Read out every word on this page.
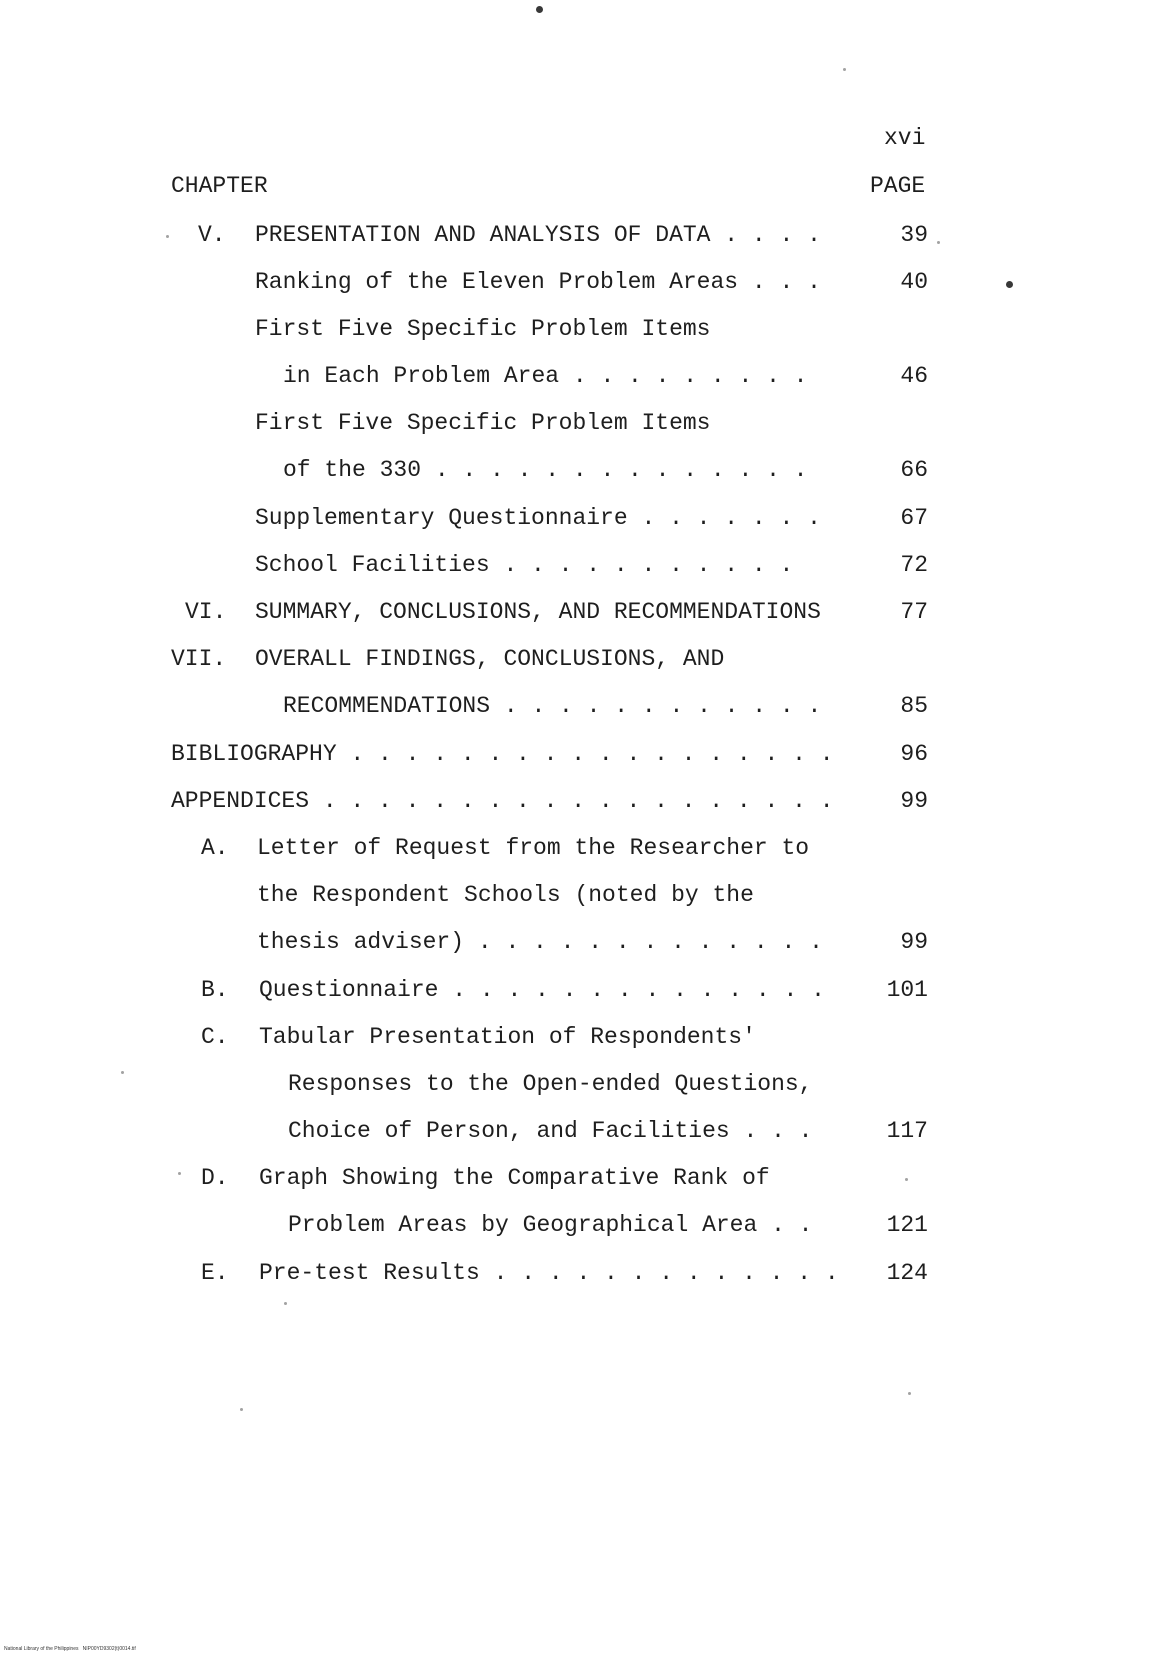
xvi
CHAPTER	PAGE
V. PRESENTATION AND ANALYSIS OF DATA . . . .	39
Ranking of the Eleven Problem Areas . . .	40
First Five Specific Problem Items
in Each Problem Area . . . . . . . . .	46
First Five Specific Problem Items
of the 330 . . . . . . . . . . . . . .	66
Supplementary Questionnaire . . . . . . .	67
School Facilities . . . . . . . . . . .	72
VI. SUMMARY, CONCLUSIONS, AND RECOMMENDATIONS	77
VII. OVERALL FINDINGS, CONCLUSIONS, AND
RECOMMENDATIONS . . . . . . . . . . . .	85
BIBLIOGRAPHY . . . . . . . . . . . . . . . . . .	96
APPENDICES . . . . . . . . . . . . . . . . . . .	99
A. Letter of Request from the Researcher to
the Respondent Schools (noted by the
thesis adviser) . . . . . . . . . . . . .	99
B. Questionnaire . . . . . . . . . . . . . .	101
C. Tabular Presentation of Respondents'
Responses to the Open-ended Questions,
Choice of Person, and Facilities . . .	117
D. Graph Showing the Comparative Rank of
Problem Areas by Geographical Area . .	121
E. Pre-test Results . . . . . . . . . . . . .	124
National Library of the Philippines   NIP00YD9302(t)0014.tif
